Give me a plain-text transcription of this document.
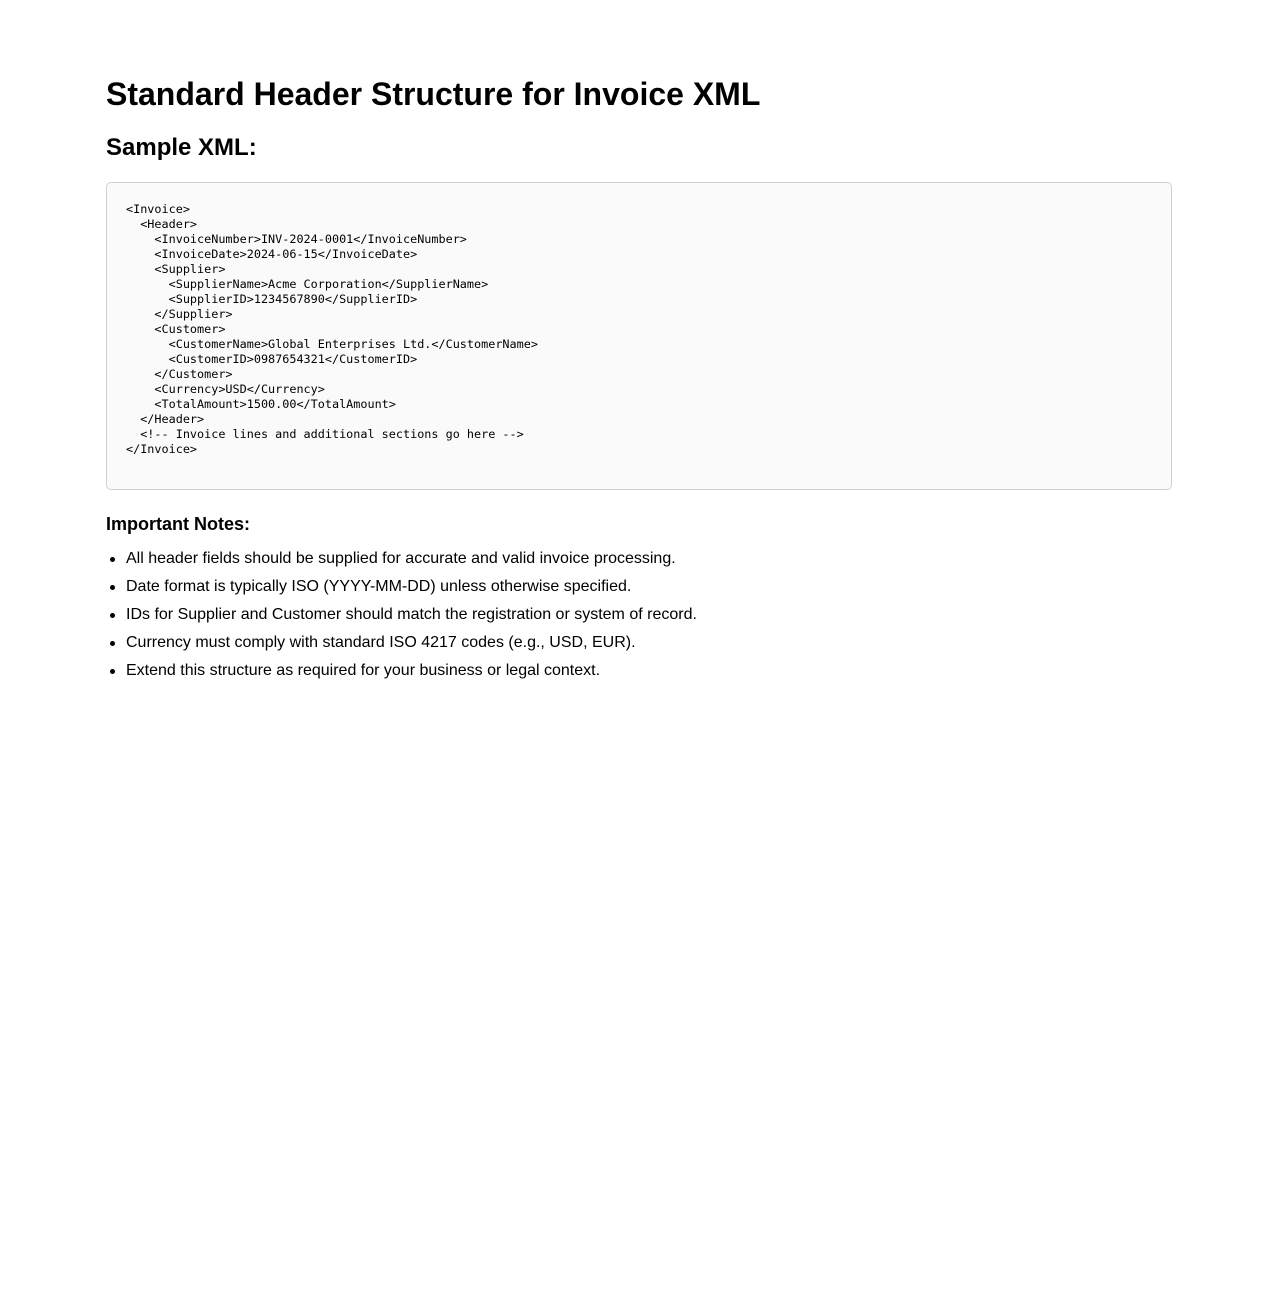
Standard Header Structure for Invoice XML
Sample XML:
<Invoice>
<Header>
<InvoiceNumber>INV-2024-0001</InvoiceNumber>
<InvoiceDate>2024-06-15</InvoiceDate>
<Supplier>
<SupplierName>Acme Corporation</SupplierName>
<SupplierID>1234567890</SupplierID>
</Supplier>
<Customer>
<CustomerName>Global Enterprises Ltd.</CustomerName>
<CustomerID>0987654321</CustomerID>
</Customer>
<Currency>USD</Currency>
<TotalAmount>1500.00</TotalAmount>
</Header>
<!-- Invoice lines and additional sections go here -->
</Invoice>
Important Notes:
All header fields should be supplied for accurate and valid invoice processing.
Date format is typically ISO (YYYY-MM-DD) unless otherwise specified.
IDs for Supplier and Customer should match the registration or system of record.
Currency must comply with standard ISO 4217 codes (e.g., USD, EUR).
Extend this structure as required for your business or legal context.
